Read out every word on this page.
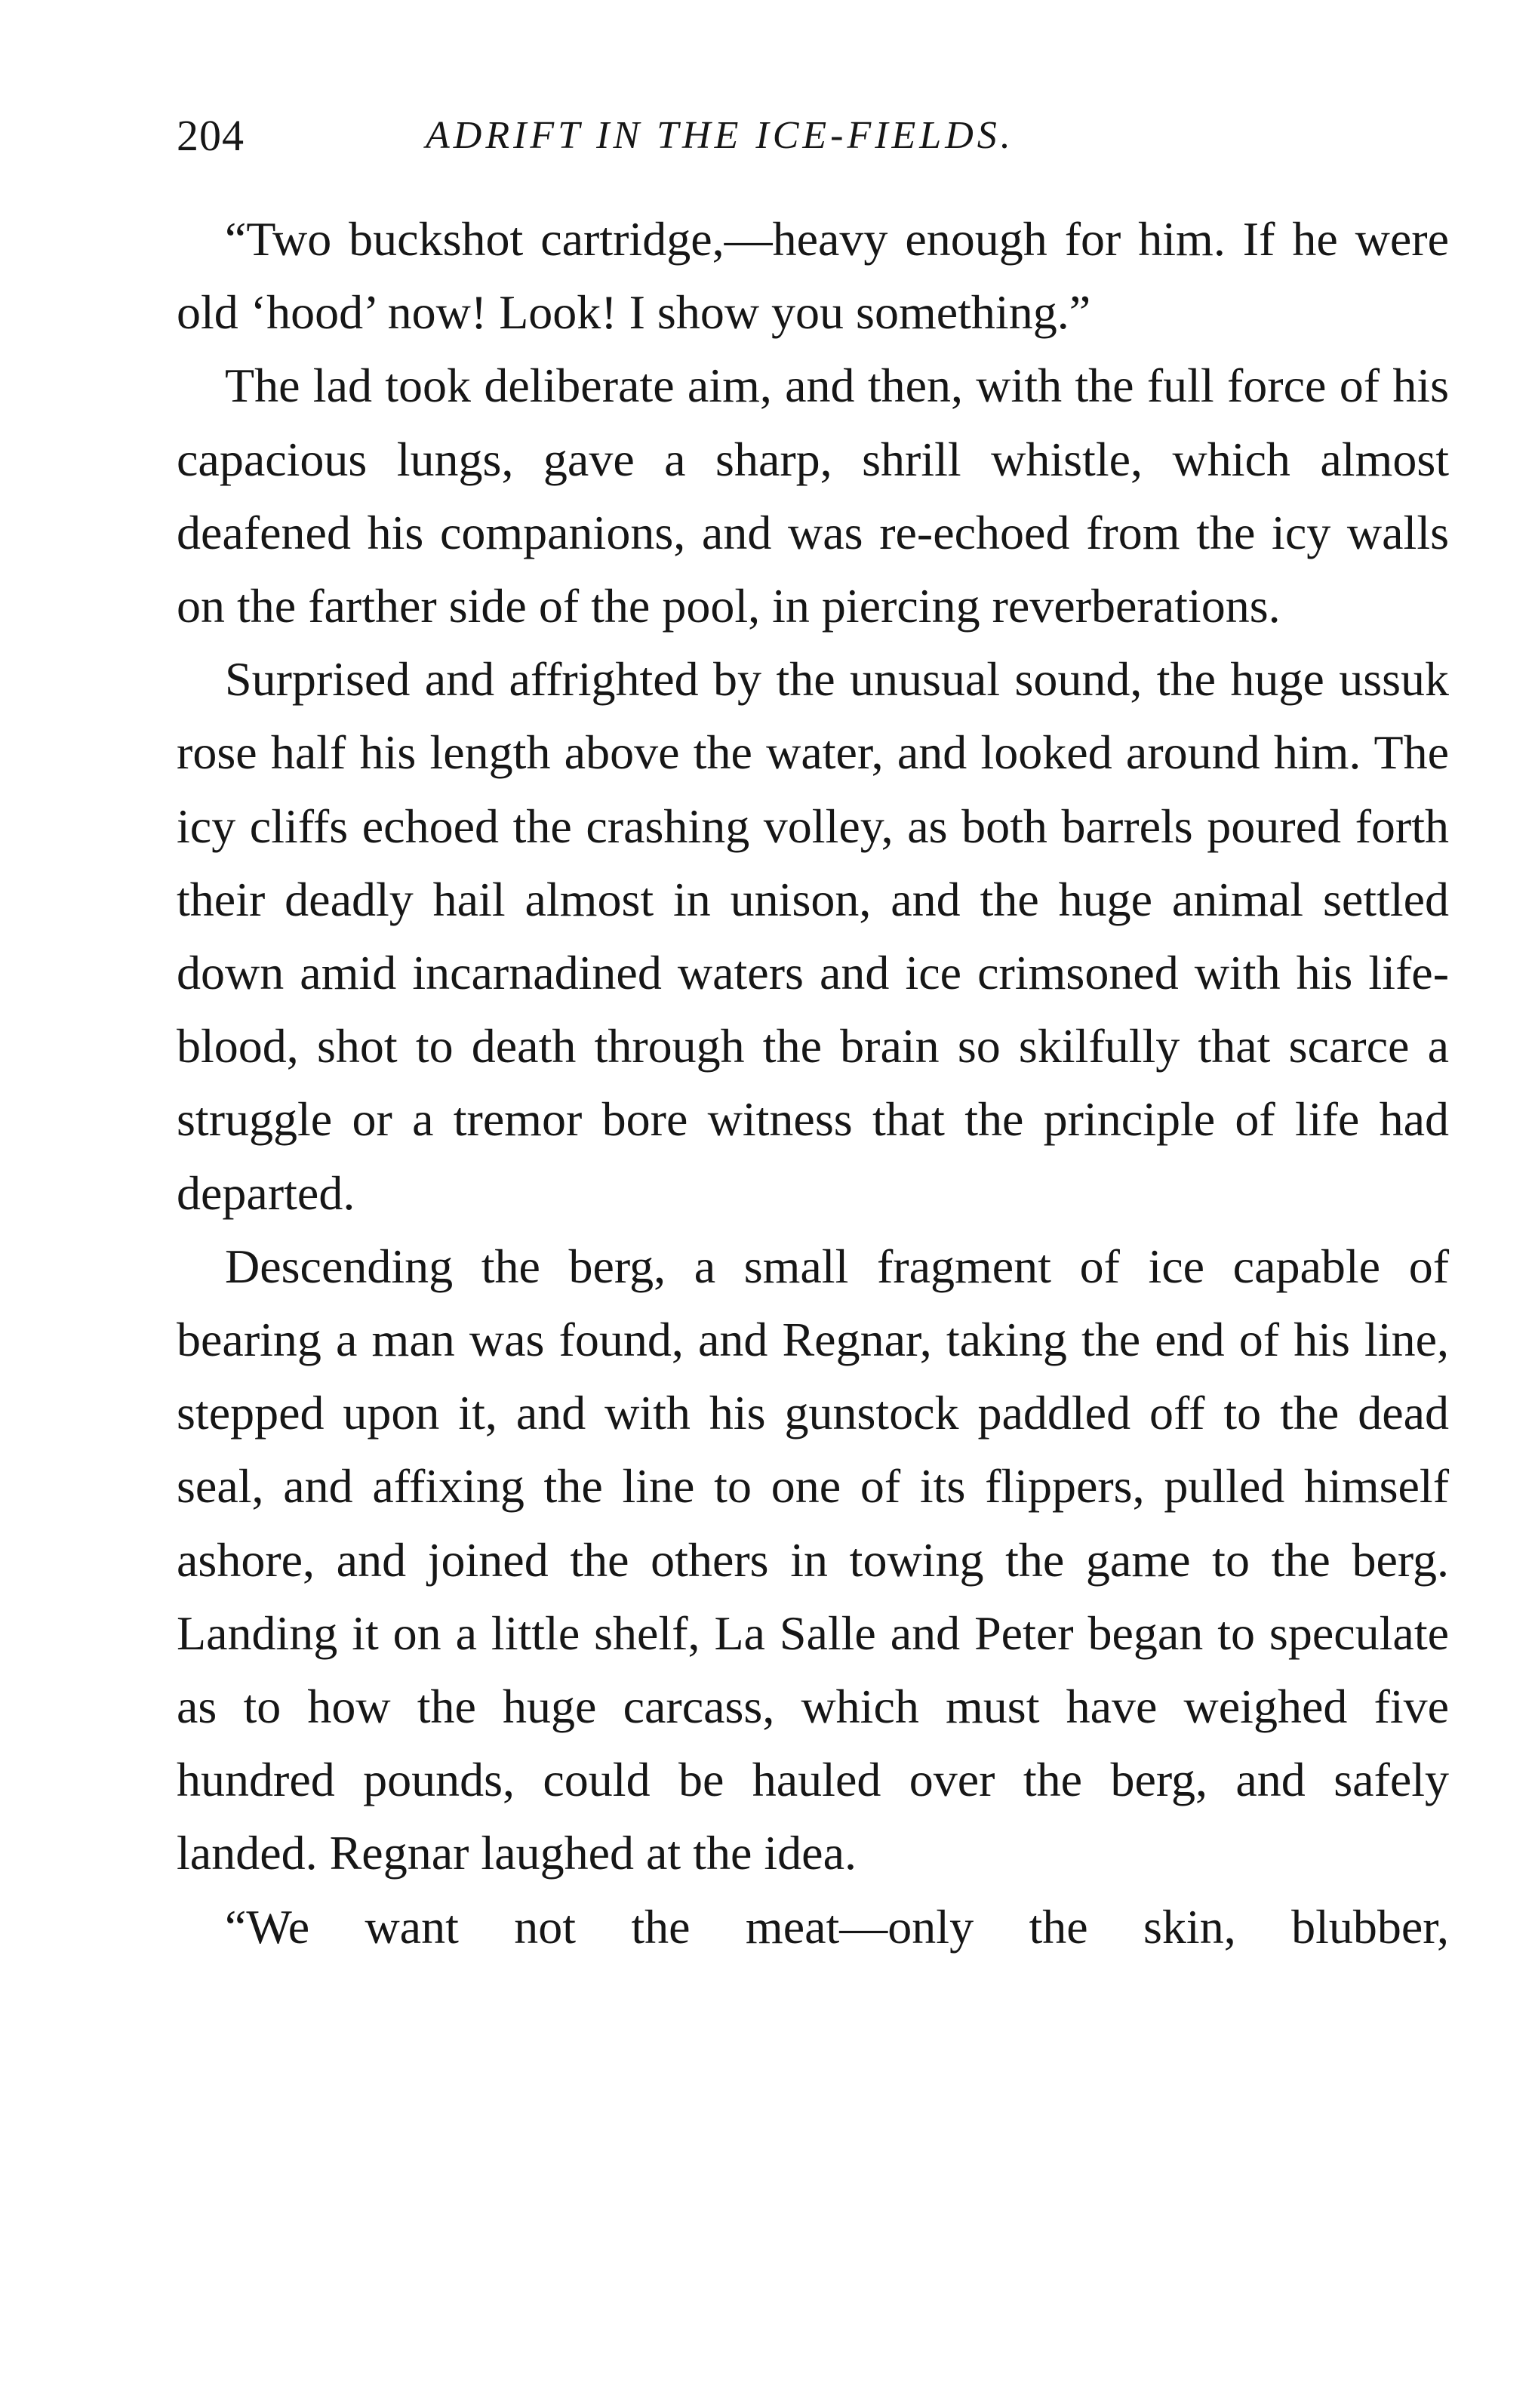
204	ADRIFT IN THE ICE-FIELDS.

“Two buckshot cartridge,—heavy enough for him. If he were old ‘hood’ now! Look! I show you something.”

The lad took deliberate aim, and then, with the full force of his capacious lungs, gave a sharp, shrill whistle, which almost deafened his companions, and was re-echoed from the icy walls on the farther side of the pool, in piercing reverberations.

Surprised and affrighted by the unusual sound, the huge ussuk rose half his length above the water, and looked around him. The icy cliffs echoed the crashing volley, as both barrels poured forth their deadly hail almost in unison, and the huge animal settled down amid incarnadined waters and ice crimsoned with his life-blood, shot to death through the brain so skilfully that scarce a struggle or a tremor bore witness that the principle of life had departed.

Descending the berg, a small fragment of ice capable of bearing a man was found, and Regnar, taking the end of his line, stepped upon it, and with his gunstock paddled off to the dead seal, and affixing the line to one of its flippers, pulled himself ashore, and joined the others in towing the game to the berg. Landing it on a little shelf, La Salle and Peter began to speculate as to how the huge carcass, which must have weighed five hundred pounds, could be hauled over the berg, and safely landed. Regnar laughed at the idea.

“We want not the meat—only the skin, blubber,
